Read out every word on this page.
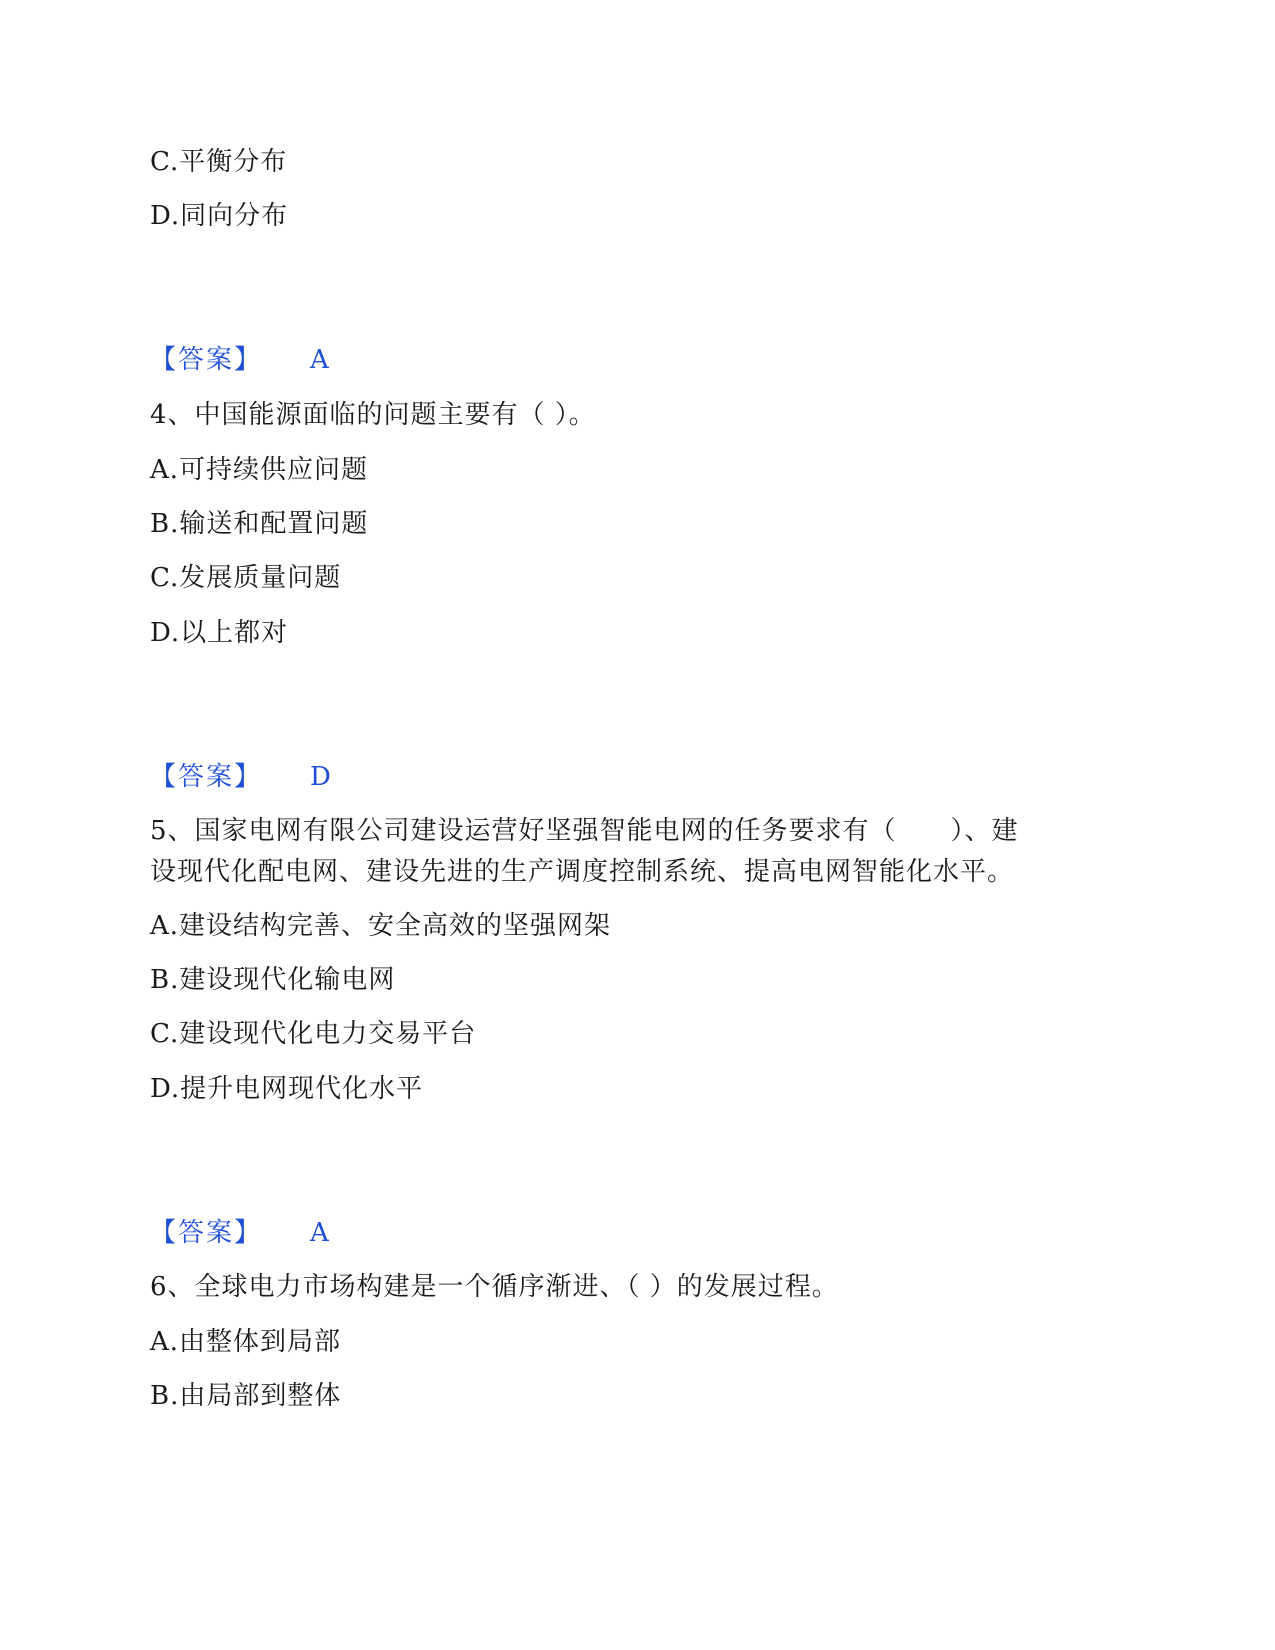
C.平衡分布
D.同向分布
【答案】 A
4、中国能源面临的问题主要有（ ）。
A.可持续供应问题
B.输送和配置问题
C.发展质量问题
D.以上都对
【答案】 D
5、国家电网有限公司建设运营好坚强智能电网的任务要求有（　　）、建
设现代化配电网、建设先进的生产调度控制系统、提高电网智能化水平。
A.建设结构完善、安全高效的坚强网架
B.建设现代化输电网
C.建设现代化电力交易平台
D.提升电网现代化水平
【答案】 A
6、全球电力市场构建是一个循序渐进、（ ）的发展过程。
A.由整体到局部
B.由局部到整体
